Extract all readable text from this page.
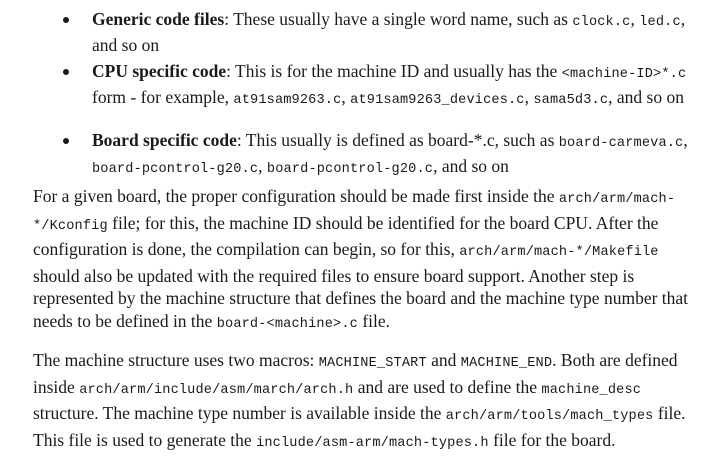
Generic code files: These usually have a single word name, such as clock.c, led.c, and so on
CPU specific code: This is for the machine ID and usually has the <machine-ID>*.c form - for example, at91sam9263.c, at91sam9263_devices.c, sama5d3.c, and so on
Board specific code: This usually is defined as board-*.c, such as board-carmeva.c, board-pcontrol-g20.c, board-pcontrol-g20.c, and so on

For a given board, the proper configuration should be made first inside the arch/arm/mach-*/Kconfig file; for this, the machine ID should be identified for the board CPU. After the configuration is done, the compilation can begin, so for this, arch/arm/mach-*/Makefile should also be updated with the required files to ensure board support. Another step is represented by the machine structure that defines the board and the machine type number that needs to be defined in the board-<machine>.c file.

The machine structure uses two macros: MACHINE_START and MACHINE_END. Both are defined inside arch/arm/include/asm/march/arch.h and are used to define the machine_desc structure. The machine type number is available inside the arch/arm/tools/mach_types file. This file is used to generate the include/asm-arm/mach-types.h file for the board.
